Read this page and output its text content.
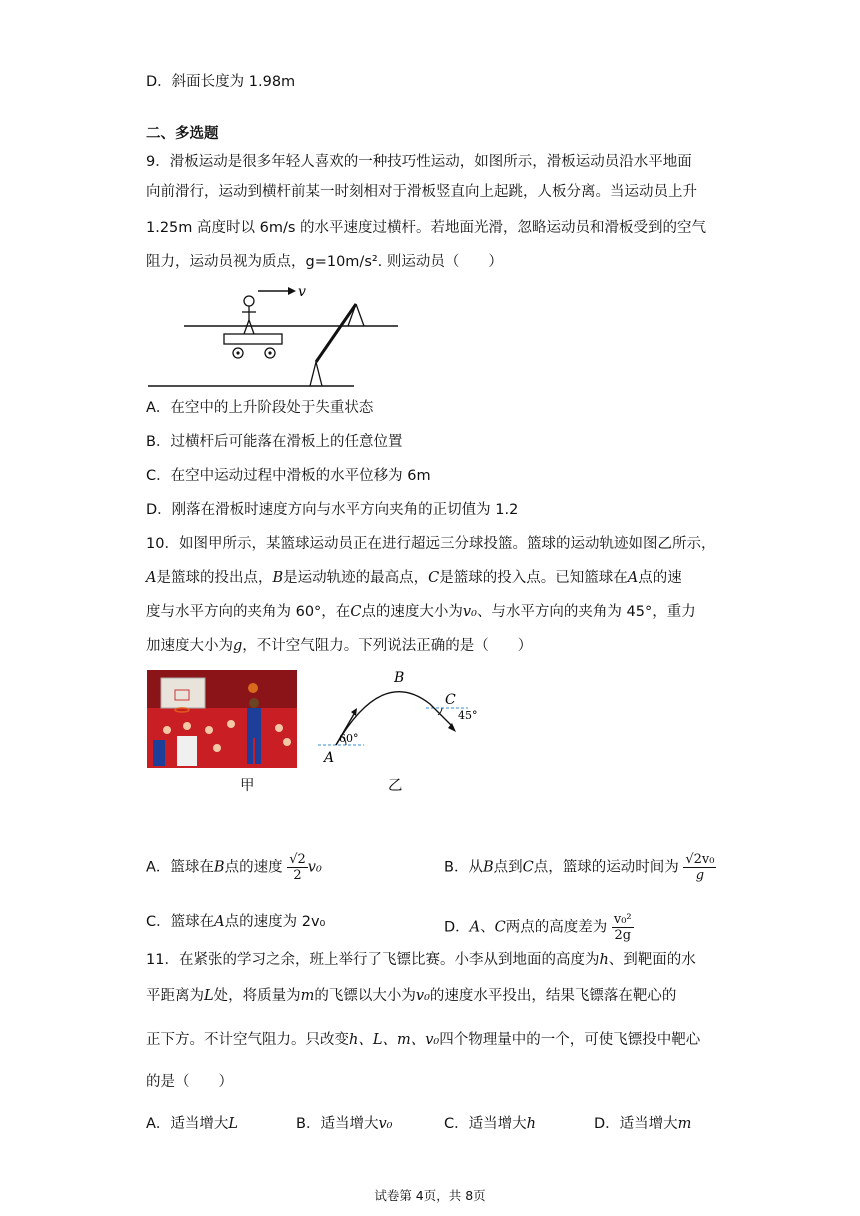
D．斜面长度为 1.98m
二、多选题
9．滑板运动是很多年轻人喜欢的一种技巧性运动，如图所示，滑板运动员沿水平地面
向前滑行，运动到横杆前某一时刻相对于滑板竖直向上起跳，人板分离。当运动员上升
1.25m 高度时以 6m/s 的水平速度过横杆。若地面光滑，忽略运动员和滑板受到的空气
阻力，运动员视为质点，g=10m/s². 则运动员（　　）
v
A．在空中的上升阶段处于失重状态
B．过横杆后可能落在滑板上的任意位置
C．在空中运动过程中滑板的水平位移为 6m
D．刚落在滑板时速度方向与水平方向夹角的正切值为 1.2
10．如图甲所示，某篮球运动员正在进行超远三分球投篮。篮球的运动轨迹如图乙所示，
A是篮球的投出点，B是运动轨迹的最高点，C是篮球的投入点。已知篮球在A点的速
度与水平方向的夹角为 60°，在C点的速度大小为v₀、与水平方向的夹角为 45°，重力
加速度大小为g，不计空气阻力。下列说法正确的是（　　）
甲
A
B
C
60°
45°
乙
A．篮球在B点的速度 $\frac{√2}{2} v_0$	B．从B点到C点，篮球的运动时间为 $\frac{\text{√2v₀}}{g}$
C．篮球在A点的速度为 2v₀	D．A、C两点的高度差为 $\frac{\text{v₀²}}{2g}$
11．在紧张的学习之余，班上举行了飞镖比赛。小李从到地面的高度为h、到靶面的水
平距离为L处，将质量为m的飞镖以大小为v₀的速度水平投出，结果飞镖落在靶心的
正下方。不计空气阻力。只改变h、L、m、v₀四个物理量中的一个，可使飞镖投中靶心
的是（　　）
A．适当增大L	B．适当增大v₀	C．适当增大h	D．适当增大m
试卷第 4页，共 8页
